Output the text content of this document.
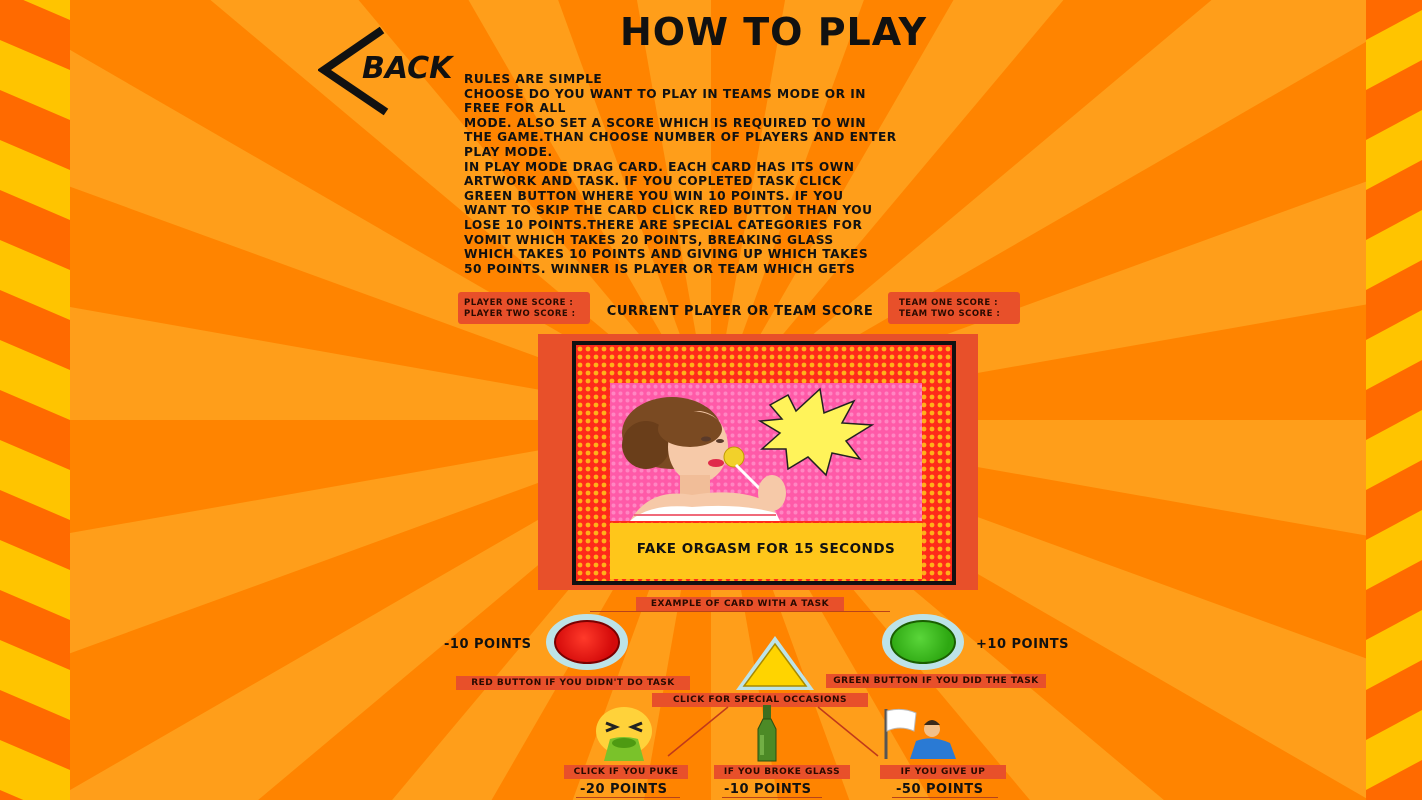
HOW TO PLAY
BACK RULES ARE SIMPLE
CHOOSE DO YOU WANT TO PLAY IN TEAMS MODE OR IN
FREE FOR ALL
MODE. ALSO SET A SCORE WHICH IS REQUIRED TO WIN
THE GAME.THAN CHOOSE NUMBER OF PLAYERS AND ENTER
PLAY MODE.
IN PLAY MODE DRAG CARD. EACH CARD HAS ITS OWN
ARTWORK AND TASK. IF YOU COPLETED TASK CLICK
GREEN BUTTON WHERE YOU WIN 10 POINTS. IF YOU
WANT TO SKIP THE CARD CLICK RED BUTTON THAN YOU
LOSE 10 POINTS.THERE ARE SPECIAL CATEGORIES FOR
VOMIT WHICH TAKES 20 POINTS, BREAKING GLASS
WHICH TAKES 10 POINTS AND GIVING UP WHICH TAKES
50 POINTS. WINNER IS PLAYER OR TEAM WHICH GETS
PLAYER ONE SCORE :
PLAYER TWO SCORE :	CURRENT PLAYER OR TEAM SCORE
TEAM ONE SCORE :
TEAM TWO SCORE :
FAKE ORGASM FOR 15 SECONDS
EXAMPLE OF CARD WITH A TASK
-10 POINTS
RED BUTTON IF YOU DIDN'T DO TASK
+10 POINTS
GREEN BUTTON IF YOU DID THE TASK
CLICK FOR SPECIAL OCCASIONS
CLICK IF YOU PUKE
-20 POINTS
IF YOU BROKE GLASS
-10 POINTS
IF YOU GIVE UP
-50 POINTS
